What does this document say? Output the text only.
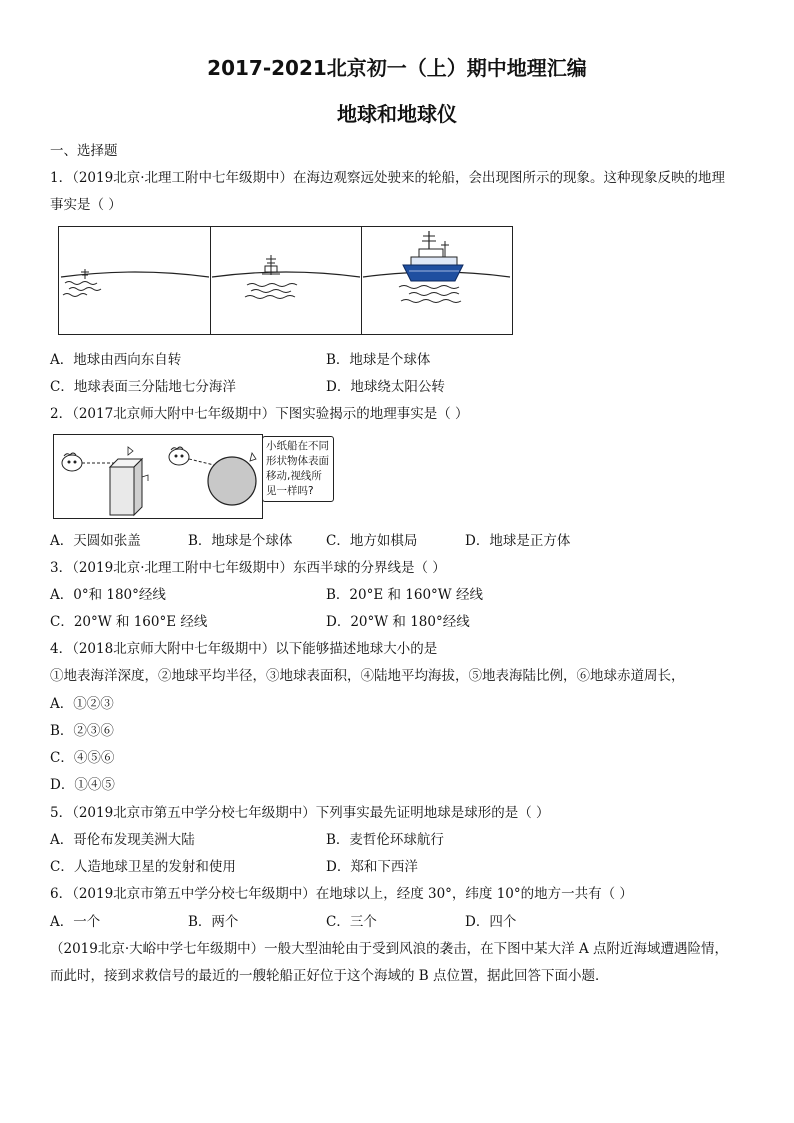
2017-2021北京初一（上）期中地理汇编
地球和地球仪
一、选择题
1．（2019北京·北理工附中七年级期中）在海边观察远处驶来的轮船，会出现图所示的现象。这种现象反映的地理
事实是（ ）
A．地球由西向东自转	B．地球是个球体
C．地球表面三分陆地七分海洋	D．地球绕太阳公转
2．（2017北京师大附中七年级期中）下图实验揭示的地理事实是（ ）
小纸船在不同
形状物体表面
移动,视线所
见一样吗?
A．天圆如张盖	B．地球是个球体 C．地方如棋局	D．地球是正方体
3．（2019北京·北理工附中七年级期中）东西半球的分界线是（ ）
A．0°和 180°经线	B．20°E 和 160°W 经线
C．20°W 和 160°E 经线	D．20°W 和 180°经线
4．（2018北京师大附中七年级期中）以下能够描述地球大小的是
①地表海洋深度，②地球平均半径，③地球表面积，④陆地平均海拔，⑤地表海陆比例，⑥地球赤道周长，
A．①②③
B．②③⑥
C．④⑤⑥
D．①④⑤
5．（2019北京市第五中学分校七年级期中）下列事实最先证明地球是球形的是（ ）
A．哥伦布发现美洲大陆	B．麦哲伦环球航行
C．人造地球卫星的发射和使用	D．郑和下西洋
6．（2019北京市第五中学分校七年级期中）在地球以上，经度 30°，纬度 10°的地方一共有（ ）
A．一个	B．两个	C．三个	D．四个
（2019北京·大峪中学七年级期中）一般大型油轮由于受到风浪的袭击，在下图中某大洋 A 点附近海域遭遇险情，
而此时，接到求救信号的最近的一艘轮船正好位于这个海域的 B 点位置，据此回答下面小题．
